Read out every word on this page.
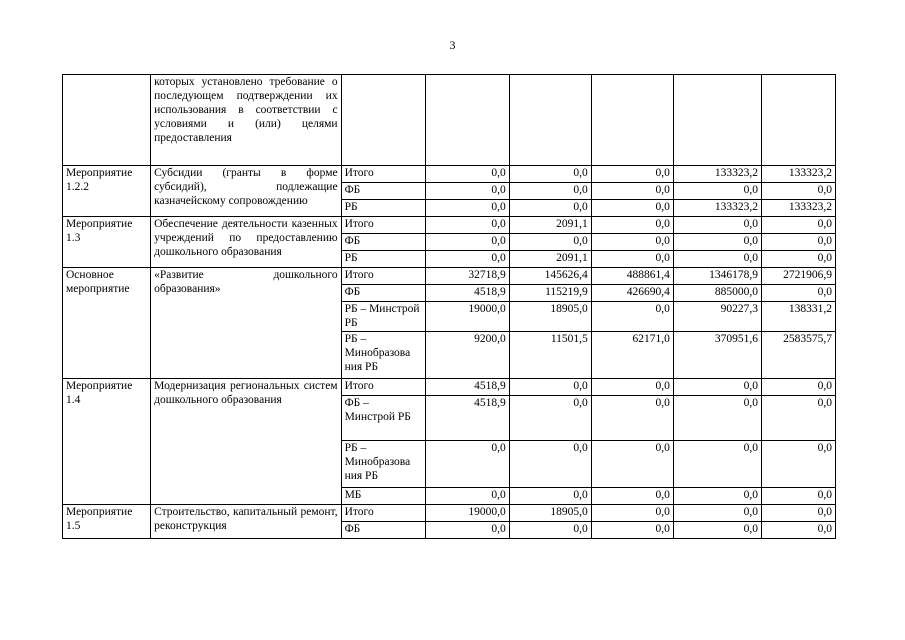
3
	которых установлено требование о последующем подтверждении их использования в соответствии с условиями и (или) целями предоставления						
Мероприятие 1.2.2	Субсидии (гранты в форме субсидий), подлежащие казначейскому сопровождению	Итого	0,0	0,0	0,0	133323,2	133323,2
		ФБ	0,0	0,0	0,0	0,0	0,0
		РБ	0,0	0,0	0,0	133323,2	133323,2
Мероприятие 1.3	Обеспечение деятельности казенных учреждений по предоставлению дошкольного образования	Итого	0,0	2091,1	0,0	0,0	0,0
		ФБ	0,0	0,0	0,0	0,0	0,0
		РБ	0,0	2091,1	0,0	0,0	0,0
Основное мероприятие	«Развитие дошкольного образования»	Итого	32718,9	145626,4	488861,4	1346178,9	2721906,9
		ФБ	4518,9	115219,9	426690,4	885000,0	0,0
		РБ – Минстрой РБ	19000,0	18905,0	0,0	90227,3	138331,2
		РБ – Минобразова ния РБ	9200,0	11501,5	62171,0	370951,6	2583575,7
Мероприятие 1.4	Модернизация региональных систем дошкольного образования	Итого	4518,9	0,0	0,0	0,0	0,0
		ФБ – Минстрой РБ	4518,9	0,0	0,0	0,0	0,0
		РБ – Минобразова ния РБ	0,0	0,0	0,0	0,0	0,0
		МБ	0,0	0,0	0,0	0,0	0,0
Мероприятие 1.5	Строительство, капитальный ремонт, реконструкция	Итого	19000,0	18905,0	0,0	0,0	0,0
		ФБ	0,0	0,0	0,0	0,0	0,0
